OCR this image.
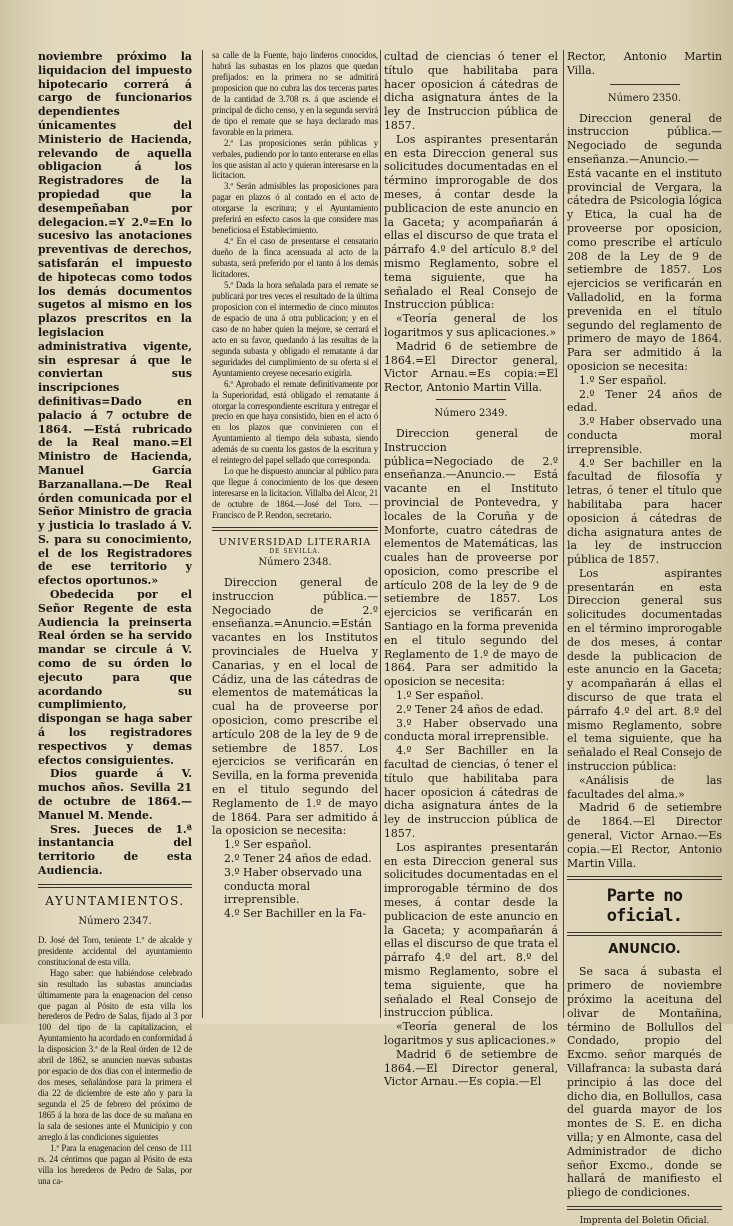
noviembre próximo la liquidacion del impuesto hipotecario correrá á cargo de funcionarios dependientes únicamentes del Ministerio de Hacienda, relevando de aquella obligacion á los Registradores de la propiedad que la desempeñaban por delegacion.=Y 2.º=En lo sucesivo las anotaciones preventivas de derechos, satisfarán el impuesto de hipotecas como todos los demás documentos sugetos al mismo en los plazos prescritos en la legislacion administrativa vigente, sin espresar á que le conviertan sus inscripciones definitivas=Dado en palacio á 7 octubre de 1864. —Está rubricado de la Real mano.=El Ministro de Hacienda, Manuel García Barzanallana.—De Real órden comunicada por el Señor Ministro de gracia y justicia lo traslado á V. S. para su conocimiento, el de los Registradores de ese territorio y efectos oportunos.»

Obedecida por el Señor Regente de esta Audiencia la preinserta Real órden se ha servido mandar se circule á V. como de su órden lo ejecuto para que acordando su cumplimiento, dispongan se haga saber á los registradores respectivos y demas efectos consiguientes.

Dios guarde á V. muchos años. Sevilla 21 de octubre de 1864.—Manuel M. Mende.

Sres. Jueces de 1.ª instantancia del territorio de esta Audiencia.

AYUNTAMIENTOS.
Número 2347.

D. José del Toro, teniente 1.º de alcalde y presidente accidental del ayuntamiento constitucional de esta villa.

Hago saber: que habiéndose celebrado sin resultado las subastas anunciadas últimamente para la enagenacion del censo que pagan al Pósito de esta villa los herederos de Pedro de Salas, fijado al 3 por 100 del tipo de la capitalizacion, el Ayuntamiento ha acordado en conformidad á la disposicion 3.ª de la Real órden de 12 de abril de 1862, se anuncien nuevas subastas por espacio de dos dias con el intermedio de dos meses, señalándose para la primera el dia 22 de diciembre de este año y para la segunda el 25 de febrero del próximo de 1865 á la hora de las doce de su mañana en la sala de sesiones ante el Municipio y con arreglo á las condiciones siguientes

1.ª Para la enagenacion del censo de 111 rs. 24 céntimos que pagan al Pósito de esta villa los herederos de Pedro de Salas, por una ca-

sa calle de la Fuente, bajo linderos conocidos, habrá las subastas en los plazos que quedan prefijados: en la primera no se admitirá proposicion que no cubra las dos terceras partes de la cantidad de 3.708 rs. á que asciende el principal de dicho censo, y en la segunda servirá de tipo el remate que se haya declarado mas favorable en la primera.

2.ª Las proposiciones serán públicas y verbales, pudiendo por lo tanto enterarse en ellas los que asistan al acto y quieran interesarse en la licitacion.

3.ª Serán admisibles las proposiciones para pagar en plazos ó al contado en el acto de otorgarse la escritura; y el Ayuntamiento preferirá en esfecto casos la que considere mas beneficiosa el Establecimiento.

4.ª En el caso de presentarse el censatario dueño de la finca acensuada al acto de la subasta, será preferido por el tanto á los demás licitadores.

5.ª Dada la hora señalada para el remate se publicará por tres veces el resultado de la última proposicion con el intermedio de cinco minutos de espacio de una á otra publicacion; y en el caso de no haber quien la mejore, se cerrará el acto en su favor, quedando á las resultas de la segunda subasta y obligado el rematante á dar seguridades del cumplimiento de su oferta si el Ayuntamiento creyese necesario exigirla.

6.ª Aprobado el remate definitivamente por la Superioridad, está obligado el rematante á otorgar la correspondiente escritura y entregar el precio en que haya consistido, bien en el acto ó en los plazos que convinieren con el Ayuntamiento al tiempo dela subasta, siendo además de su cuenta los gastos de la escritura y el reintegro del papel sellado que corresponda.

Lo que he dispuesto anunciar al público para que llegue á conocimiento de los que deseen interesarse en la licitacion. Villalba del Alcor, 21 de octubre de 1864.—José del Toro. —Francisco de P. Rendon, secretario.

UNIVERSIDAD LITERARIA
DE SEVILLA.
Número 2348.

Direccion general de instruccion pública.—Negociado de 2.º enseñanza.=Anuncio.=Están vacantes en los Institutos provinciales de Huelva y Canarias, y en el local de Cádiz, una de las cátedras de elementos de matemáticas la cual ha de proveerse por oposicion, como prescribe el artículo 208 de la ley de 9 de setiembre de 1857. Los ejercicios se verificarán en Sevilla, en la forma prevenida en el titulo segundo del Reglamento de 1.º de mayo de 1864. Para ser admitido á la oposicion se necesita:

1.º Ser español.
2.º Tener 24 años de edad.
3.º Haber observado una conducta moral irreprensible.
4.º Ser Bachiller en la Fa-

cultad de ciencias ó tener el título que habilitaba para hacer oposicion á cátedras de dicha asignatura ántes de la ley de Instruccion pública de 1857.

Los aspirantes presentarán en esta Direccion general sus solicitudes documentadas en el término improrogable de dos meses, á contar desde la publicacion de este anuncio en la Gaceta; y acompañarán á ellas el discurso de que trata el párrafo 4.º del artículo 8.º del mismo Reglamento, sobre el tema siguiente, que ha señalado el Real Consejo de Instruccion pública:

«Teoría general de los logaritmos y sus aplicaciones.»

Madrid 6 de setiembre de 1864.=El Director general, Victor Arnau.=Es copia:=El Rector, Antonio Martin Villa.

Número 2349.

Direccion general de Instruccion pública=Negociado de 2.º enseñanza.—Anuncio.— Está vacante en el Instituto provincial de Pontevedra, y locales de la Coruña y de Monforte, cuatro cátedras de elementos de Matemáticas, las cuales han de proveerse por oposicion, como prescribe el artículo 208 de la ley de 9 de setiembre de 1857. Los ejercicios se verificarán en Santiago en la forma prevenida en el titulo segundo del Reglamento de 1.º de mayo de 1864. Para ser admitido la oposicion se necesita:

1.º Ser español.
2.º Tener 24 años de edad.

3.º Haber observado una conducta moral irreprensible.

4.º Ser Bachiller en la facultad de ciencias, ó tener el título que habilitaba para hacer oposicion á cátedras de dicha asignatura ántes de la ley de instruccion pública de 1857.

Los aspirantes presentarán en esta Direccion general sus solicitudes documentadas en el improrogable término de dos meses, á contar desde la publicacion de este anuncio en la Gaceta; y acompañarán á ellas el discurso de que trata el párrafo 4.º del art. 8.º del mismo Reglamento, sobre el tema siguiente, que ha señalado el Real Consejo de instruccion pública.

«Teoría general de los logaritmos y sus aplicaciones.»

Madrid 6 de setiembre de 1864.—El Director general, Victor Arnau.—Es copia.—El

Rector, Antonio Martin Villa.

Número 2350.

Direccion general de instruccion pública.—Negociado de segunda enseñanza.—Anuncio.— Está vacante en el instituto provincial de Vergara, la cátedra de Psicologia lógica y Etica, la cual ha de proveerse por oposicion, como prescribe el artículo 208 de la Ley de 9 de setiembre de 1857. Los ejercicios se verificarán en Valladolid, en la forma prevenida en el título segundo del reglamento de primero de mayo de 1864. Para ser admitido á la oposicion se necesita:

1.º Ser español.

2.º Tener 24 años de edad.

3.º Haber observado una conducta moral irreprensible.

4.º Ser bachiller en la facultad de filosofía y letras, ó tener el título que habilitaba para hacer oposicion á cátedras de dicha asignatura antes de la ley de instruccion pública de 1857.

Los aspirantes presentarán en esta Direccion general sus solicitudes documentadas en el término improrogable de dos meses, á contar desde la publicacion de este anuncio en la Gaceta; y acompañarán á ellas el discurso de que trata el párrafo 4.º del art. 8.º del mismo Reglamento, sobre el tema siguiente, que ha señalado el Real Consejo de instruccion pública:

«Análisis de las facultades del alma.»

Madrid 6 de setiembre de 1864.—El Director general, Victor Arnao.—Es copia.—El Rector, Antonio Martin Villa.

Parte no oficial.
ANUNCIO.

Se saca á subasta el primero de noviembre próximo la aceituna del olivar de Montañina, término de Bollullos del Condado, propio del Excmo. señor marqués de Villafranca: la subasta dará principio á las doce del dicho dia, en Bollullos, casa del guarda mayor de los montes de S. E. en dicha villa; y en Almonte, casa del Administrador de dicho señor Excmo., donde se hallará de manifiesto el pliego de condiciones.

Imprenta del Boletin Oficial.
